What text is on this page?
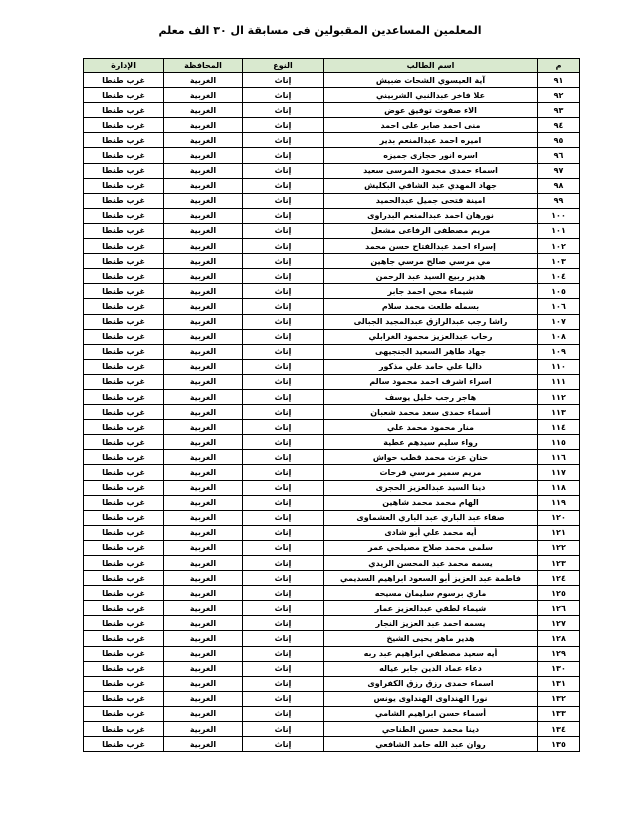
المعلمين المساعدين المقبولين فى مسابقة ال ٣٠ الف معلم
م	اسم الطالب	النوع	المحافظة	الإدارة
٩١	آية العيسوي الشحات ضبيش	إناث	الغربية	غرب طنطا
٩٢	علا فاخر عبدالنبي الشربيني	إناث	الغربية	غرب طنطا
٩٣	الاء صفوت توفيق عوض	إناث	الغربية	غرب طنطا
٩٤	منى احمد صابر على احمد	إناث	الغربية	غرب طنطا
٩٥	اميره احمد عبدالمنعم بدير	إناث	الغربية	غرب طنطا
٩٦	اسره انور حجازى جميزه	إناث	الغربية	غرب طنطا
٩٧	اسماء حمدى محمود المرسى سعيد	إناث	الغربية	غرب طنطا
٩٨	جهاد المهدي عبد الشافي البكليش	إناث	الغربية	غرب طنطا
٩٩	امينة فتحى جميل عبدالحميد	إناث	الغربية	غرب طنطا
١٠٠	نورهان احمد عبدالمنعم البدراوى	إناث	الغربية	غرب طنطا
١٠١	مريم مصطفى الرفاعى مشعل	إناث	الغربية	غرب طنطا
١٠٢	إسراء احمد عبدالفتاح حسن محمد	إناث	الغربية	غرب طنطا
١٠٣	مي مرسي صالح مرسي جاهين	إناث	الغربية	غرب طنطا
١٠٤	هدير ربيع السيد عبد الرحمن	إناث	الغربية	غرب طنطا
١٠٥	شيماء محي احمد جابر	إناث	الغربية	غرب طنطا
١٠٦	بسمله طلعت محمد سلام	إناث	الغربية	غرب طنطا
١٠٧	راشا رجب عبدالرازق عبدالمجيد الجبالى	إناث	الغربية	غرب طنطا
١٠٨	رحاب عبدالعزيز محمود الغرابلي	إناث	الغربية	غرب طنطا
١٠٩	جهاد طاهر السعيد الجنجيهى	إناث	الغربية	غرب طنطا
١١٠	داليا علي حامد علي مذكور	إناث	الغربية	غرب طنطا
١١١	اسراء اشرف احمد محمود سالم	إناث	الغربية	غرب طنطا
١١٢	هاجر رجب خليل يوسف	إناث	الغربية	غرب طنطا
١١٣	أسماء حمدى سعد محمد شعبان	إناث	الغربية	غرب طنطا
١١٤	منار محمود محمد علي	إناث	الغربية	غرب طنطا
١١٥	رواء سليم سيدهم عطية	إناث	الغربية	غرب طنطا
١١٦	حنان عزت محمد قطب حواش	إناث	الغربية	غرب طنطا
١١٧	مريم سمير مرسي فرحات	إناث	الغربية	غرب طنطا
١١٨	دينا السيد عبدالعزيز الحجرى	إناث	الغربية	غرب طنطا
١١٩	الهام محمد محمد شاهين	إناث	الغربية	غرب طنطا
١٢٠	صفاء عبد الباري عبد الباري العشماوى	إناث	الغربية	غرب طنطا
١٢١	أيه محمد علي أبو شادى	إناث	الغربية	غرب طنطا
١٢٢	سلمى محمد صلاح مصيلحي عمر	إناث	الغربية	غرب طنطا
١٢٣	يسمه محمد عبد المحسن الريدي	إناث	الغربية	غرب طنطا
١٢٤	فاطمة عبد العزيز أبو السعود ابراهيم السديمي	إناث	الغربية	غرب طنطا
١٢٥	ماري برسوم سليمان مسيحه	إناث	الغربية	غرب طنطا
١٢٦	شيماء لطفي عبدالعزيز عمار	إناث	الغربية	غرب طنطا
١٢٧	يسمه احمد عبد العزيز النجار	إناث	الغربية	غرب طنطا
١٢٨	هدير ماهر يحيى الشيخ	إناث	الغربية	غرب طنطا
١٢٩	أيه سعيد مصطفي ابراهيم عبد ربه	إناث	الغربية	غرب طنطا
١٣٠	دعاء عماد الدين جابر عياله	إناث	الغربية	غرب طنطا
١٣١	اسماء حمدى رزق رزق الكفراوى	إناث	الغربية	غرب طنطا
١٣٢	نورا الهنداوى الهنداوى يونس	إناث	الغربية	غرب طنطا
١٣٣	أسماء حسن ابراهيم الشامي	إناث	الغربية	غرب طنطا
١٣٤	دينا محمد حسن الطناحي	إناث	الغربية	غرب طنطا
١٣٥	روان عبد الله حامد الشافعي	إناث	الغربية	غرب طنطا
